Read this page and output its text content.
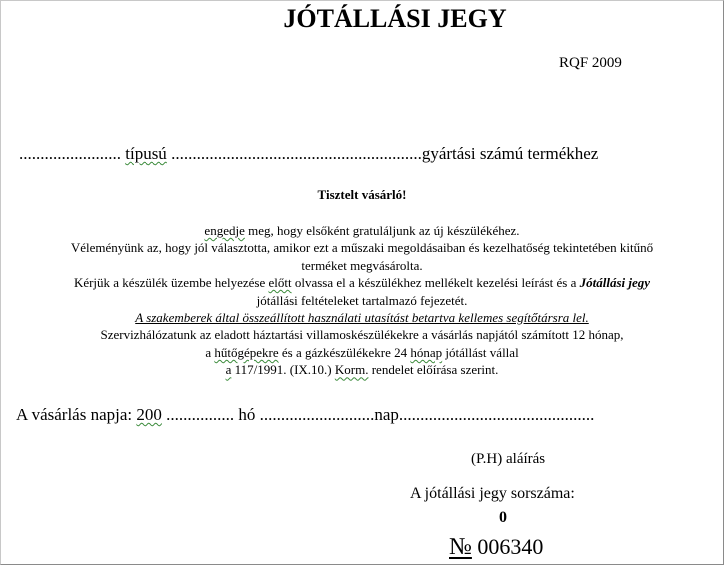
JÓTÁLLÁSI JEGY
RQF 2009
........................ típusú ...........................................................gyártási számú termékhez
Tisztelt vásárló!

engedje meg, hogy elsőként gratuláljunk az új készülékéhez.

Véleményünk az, hogy jól választotta, amikor ezt a műszaki megoldásaiban és kezelhatőség tekintetében kitűnő

terméket megvásárolta.

Kérjük a készülék üzembe helyezése előtt olvassa el a készülékhez mellékelt kezelési leírást és a Jótállási jegy

jótállási feltételeket tartalmazó fejezetét.

A szakemberek által összeállított használati utasítást betartva kellemes segítőtársra lel.

Szervizhálózatunk az eladott háztartási villamoskészülékekre a vásárlás napjától számított 12 hónap,

a hűtőgépekre és a gázkészülékekre 24 hónap jótállást vállal

a 117/1991. (IX.10.) Korm. rendelet előírása szerint.

A vásárlás napja: 200 ................ hó ...........................nap..............................................
(P.H) aláírás
A jótállási jegy sorszáma:
0
№ 006340
